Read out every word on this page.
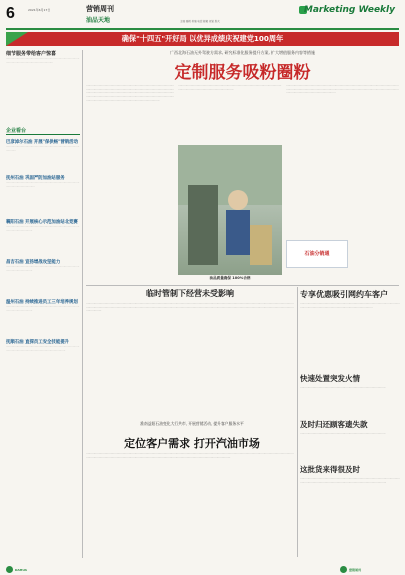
6	2021年6月17日	营销周刊
油品天地
Marketing Weekly
主编 编辑 美编 电话 邮箱 视觉 版式
确保"十四五"开好局 以优异成绩庆祝建党100周年
细节服务带给客户惊喜
··················································································································································
企业看台
巴彦淖尔石油 开展"保供畅"营销活动
·····································································································
抚州石油 巩固严防加油站服务
····························································································································
襄阳石油 开展核心示范加油站北竞赛
·························································································································
昌吉石油 宣扬增战攻坚能力
·························································································································
温州石油 持续推进员工三年培养规划
·························································································································
抚顺石油 直探员工安全技能提升
·································································································································································
广西北海石油无外驾驶方需求, 研究标准化服务提升方案, 扩大增值服务内容等措施
定制服务吸粉圈粉
··················································································································································································································································································································································································································································································································
··························································································································································································
··································································································································································································································································································································
油品质量确保 100%合格
石油分销通
专享优惠吸引网约车客户
··········································································································································································································
快速处置突发火情
····································································································
及时归还顾客遗失款
····································································································
这批货来得很及时
··························································································································································································································
临时管制下经营未受影响
························································································································································································································································································································································································································································································································
淮南益阳石油变化大行共市, 开展营销活动, 提升客户服务水平
定位客户需求 打开汽油市场
····························································································································································································································································································································································································································
DAHUA	营销周刊
